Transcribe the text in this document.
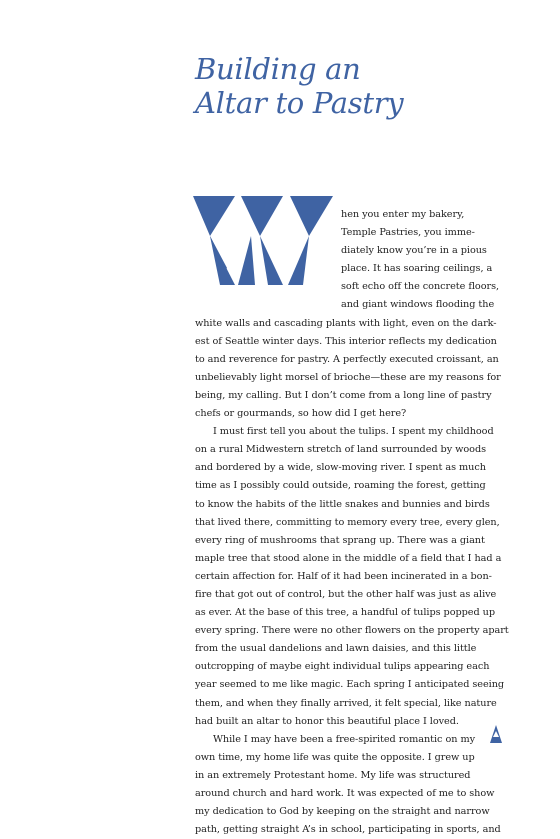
Building an
Altar to Pastry
hen you enter my bakery,
Temple Pastries, you imme-
diately know you’re in a pious
place. It has soaring ceilings, a
soft echo off the concrete floors,
and giant windows flooding the
white walls and cascading plants with light, even on the dark-
est of Seattle winter days. This interior reflects my dedication
to and reverence for pastry. A perfectly executed croissant, an
unbelievably light morsel of brioche—these are my reasons for
being, my calling. But I don’t come from a long line of pastry
chefs or gourmands, so how did I get here?
I must first tell you about the tulips. I spent my childhood
on a rural Midwestern stretch of land surrounded by woods
and bordered by a wide, slow-moving river. I spent as much
time as I possibly could outside, roaming the forest, getting
to know the habits of the little snakes and bunnies and birds
that lived there, committing to memory every tree, every glen,
every ring of mushrooms that sprang up. There was a giant
maple tree that stood alone in the middle of a field that I had a
certain affection for. Half of it had been incinerated in a bon-
fire that got out of control, but the other half was just as alive
as ever. At the base of this tree, a handful of tulips popped up
every spring. There were no other flowers on the property apart
from the usual dandelions and lawn daisies, and this little
outcropping of maybe eight individual tulips appearing each
year seemed to me like magic. Each spring I anticipated seeing
them, and when they finally arrived, it felt special, like nature
had built an altar to honor this beautiful place I loved.
While I may have been a free-spirited romantic on my
own time, my home life was quite the opposite. I grew up
in an extremely Protestant home. My life was structured
around church and hard work. It was expected of me to show
my dedication to God by keeping on the straight and narrow
path, getting straight A’s in school, participating in sports, and
